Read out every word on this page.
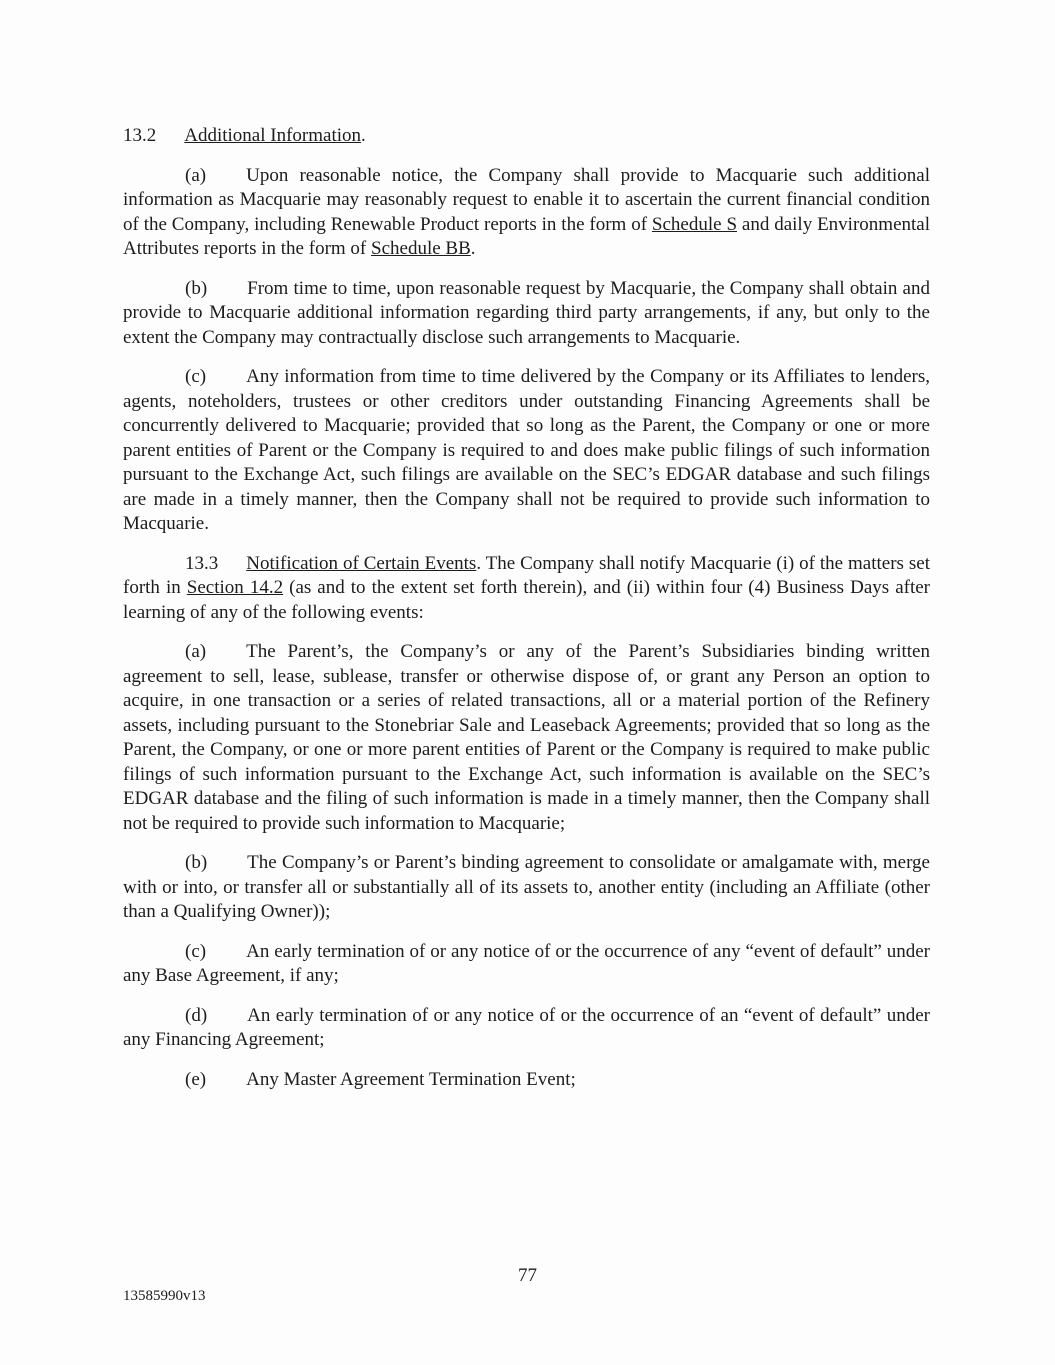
13.2 Additional Information.

(a) Upon reasonable notice, the Company shall provide to Macquarie such additional information as Macquarie may reasonably request to enable it to ascertain the current financial condition of the Company, including Renewable Product reports in the form of Schedule S and daily Environmental Attributes reports in the form of Schedule BB.

(b) From time to time, upon reasonable request by Macquarie, the Company shall obtain and provide to Macquarie additional information regarding third party arrangements, if any, but only to the extent the Company may contractually disclose such arrangements to Macquarie.

(c) Any information from time to time delivered by the Company or its Affiliates to lenders, agents, noteholders, trustees or other creditors under outstanding Financing Agreements shall be concurrently delivered to Macquarie; provided that so long as the Parent, the Company or one or more parent entities of Parent or the Company is required to and does make public filings of such information pursuant to the Exchange Act, such filings are available on the SEC’s EDGAR database and such filings are made in a timely manner, then the Company shall not be required to provide such information to Macquarie.

13.3 Notification of Certain Events. The Company shall notify Macquarie (i) of the matters set forth in Section 14.2 (as and to the extent set forth therein), and (ii) within four (4) Business Days after learning of any of the following events:

(a) The Parent’s, the Company’s or any of the Parent’s Subsidiaries binding written agreement to sell, lease, sublease, transfer or otherwise dispose of, or grant any Person an option to acquire, in one transaction or a series of related transactions, all or a material portion of the Refinery assets, including pursuant to the Stonebriar Sale and Leaseback Agreements; provided that so long as the Parent, the Company, or one or more parent entities of Parent or the Company is required to make public filings of such information pursuant to the Exchange Act, such information is available on the SEC’s EDGAR database and the filing of such information is made in a timely manner, then the Company shall not be required to provide such information to Macquarie;

(b) The Company’s or Parent’s binding agreement to consolidate or amalgamate with, merge with or into, or transfer all or substantially all of its assets to, another entity (including an Affiliate (other than a Qualifying Owner));

(c) An early termination of or any notice of or the occurrence of any “event of default” under any Base Agreement, if any;

(d) An early termination of or any notice of or the occurrence of an “event of default” under any Financing Agreement;

(e) Any Master Agreement Termination Event;

77
13585990v13
